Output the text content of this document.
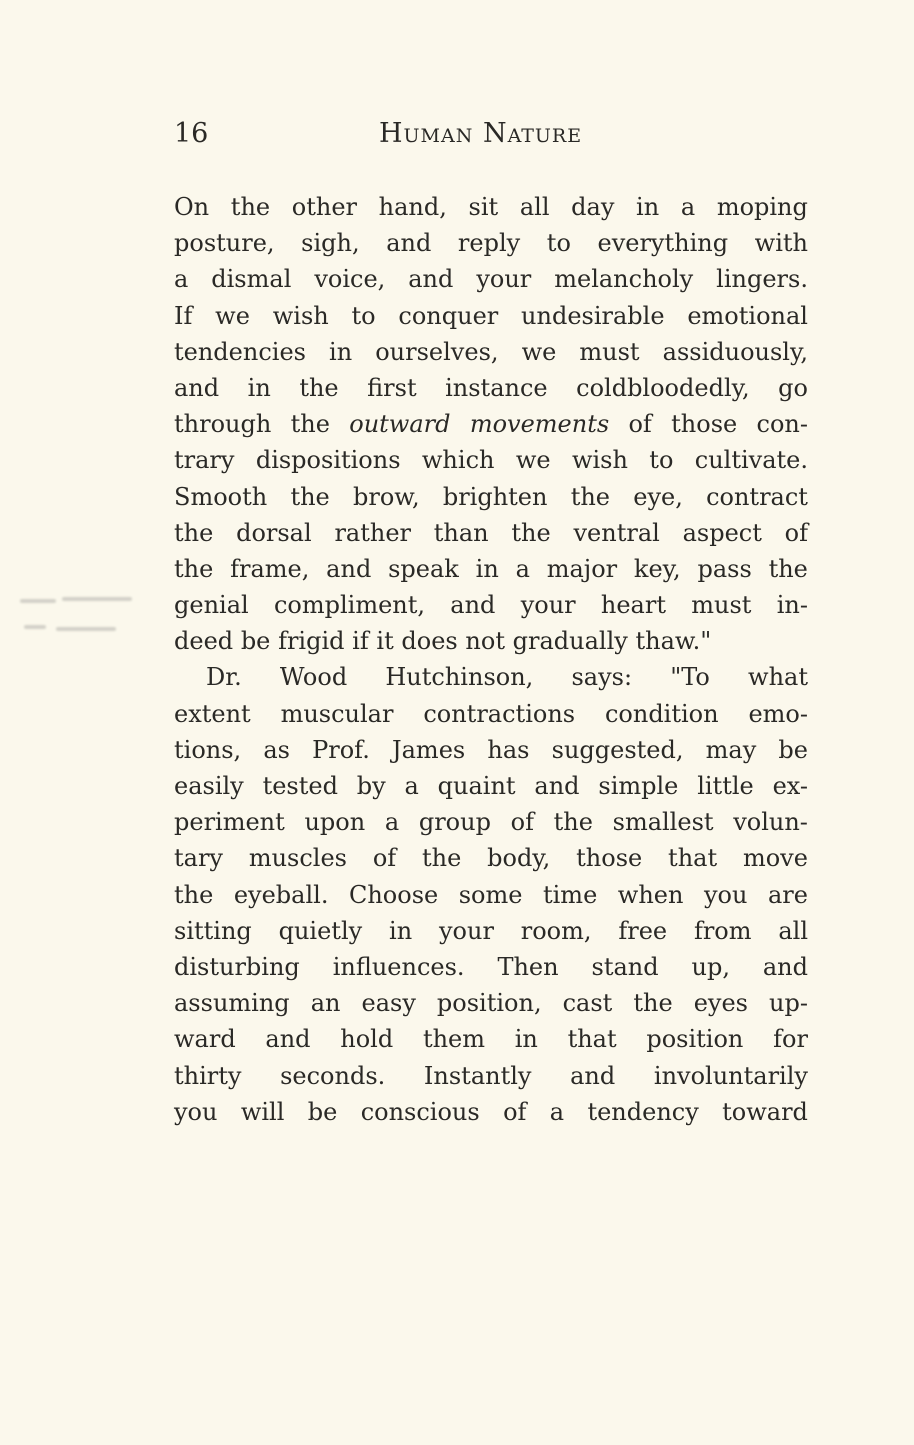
16	Human Nature
On the other hand, sit all day in a moping
posture, sigh, and reply to everything with
a dismal voice, and your melancholy lingers.
If we wish to conquer undesirable emotional
tendencies in ourselves, we must assiduously,
and in the first instance coldbloodedly, go
through the outward movements of those con-
trary dispositions which we wish to cultivate.
Smooth the brow, brighten the eye, contract
the dorsal rather than the ventral aspect of
the frame, and speak in a major key, pass the
genial compliment, and your heart must in-
deed be frigid if it does not gradually thaw."
Dr. Wood Hutchinson, says: "To what
extent muscular contractions condition emo-
tions, as Prof. James has suggested, may be
easily tested by a quaint and simple little ex-
periment upon a group of the smallest volun-
tary muscles of the body, those that move
the eyeball. Choose some time when you are
sitting quietly in your room, free from all
disturbing influences. Then stand up, and
assuming an easy position, cast the eyes up-
ward and hold them in that position for
thirty seconds. Instantly and involuntarily
you will be conscious of a tendency toward
